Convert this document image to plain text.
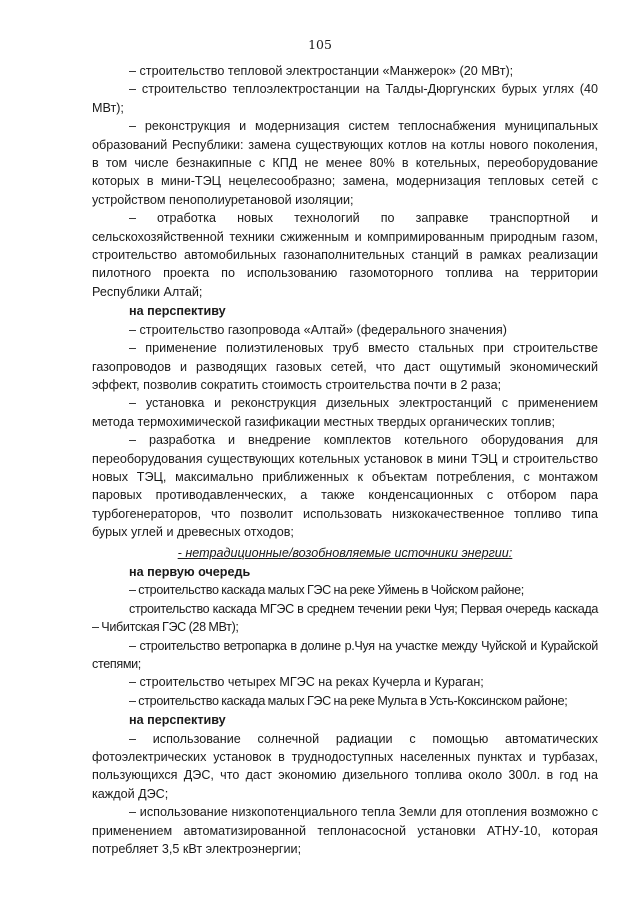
105

– строительство тепловой электростанции «Манжерок» (20 МВт);

– строительство теплоэлектростанции на Талды-Дюргунских бурых углях (40 МВт);

– реконструкция и модернизация систем теплоснабжения муниципальных образований Республики: замена существующих котлов на котлы нового поколения, в том числе безнакипные с КПД не менее 80% в котельных, переоборудование которых в мини-ТЭЦ нецелесообразно; замена, модернизация тепловых сетей с устройством пенополиуретановой изоляции;

– отработка новых технологий по заправке транспортной и сельскохозяйственной техники сжиженным и компримированным природным газом, строительство автомобильных газонаполнительных станций в рамках реализации пилотного проекта по использованию газомоторного топлива на территории Республики Алтай;

на перспективу

– строительство газопровода «Алтай» (федерального значения)

– применение полиэтиленовых труб вместо стальных при строительстве газопроводов и разводящих газовых сетей, что даст ощутимый экономический эффект, позволив сократить стоимость строительства почти в 2 раза;

– установка и реконструкция дизельных электростанций с применением метода термохимической газификации местных твердых органических топлив;

– разработка и внедрение комплектов котельного оборудования для переоборудования существующих котельных установок в мини ТЭЦ и строительство новых ТЭЦ, максимально приближенных к объектам потребления, с монтажом паровых противодавленческих, а также конденсационных с отбором пара турбогенераторов, что позволит использовать низкокачественное топливо типа бурых углей и древесных отходов;

- нетрадиционные/возобновляемые источники энергии:

на первую очередь

– строительство каскада малых ГЭС на реке Уймень в Чойском районе;

строительство каскада МГЭС в среднем течении реки Чуя; Первая очередь каскада – Чибитская ГЭС (28 МВт);

– строительство ветропарка в долине р.Чуя на участке между Чуйской и Курайской степями;

– строительство четырех МГЭС на реках Кучерла и Кураган;

– строительство каскада малых ГЭС на реке Мульта в Усть-Коксинском районе;

на перспективу

– использование солнечной радиации с помощью автоматических фотоэлектрических установок в труднодоступных населенных пунктах и турбазах, пользующихся ДЭС, что даст экономию дизельного топлива около 300л. в год на каждой ДЭС;

– использование низкопотенциального тепла Земли для отопления возможно с применением автоматизированной теплонасосной установки АТНУ-10, которая потребляет 3,5 кВт электроэнергии;
